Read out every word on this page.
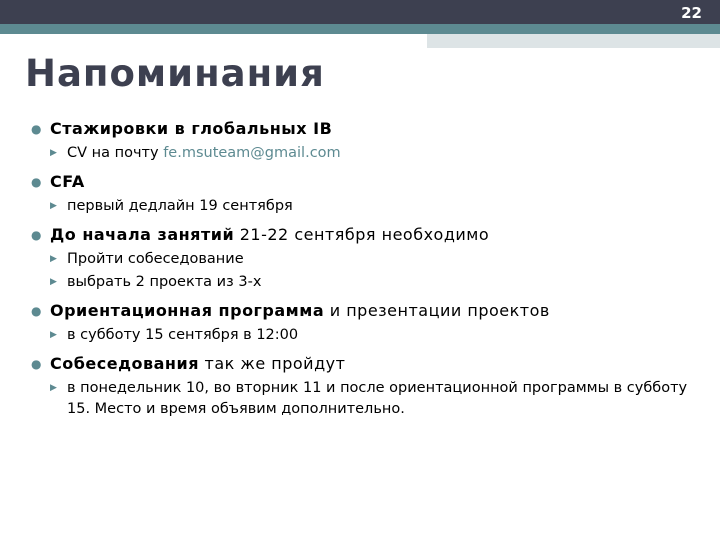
22
Напоминания
● Стажировки в глобальных IB
▶ CV на почту fe.msuteam@gmail.com
● CFA
▶ первый дедлайн 19 сентября
● До начала занятий 21-22 сентября необходимо
▶ Пройти собеседование
▶ выбрать 2 проекта из 3-х
● Ориентационная программа и презентации проектов
▶ в субботу 15 сентября в 12:00
● Собеседования так же пройдут
▶ в понедельник 10, во вторник 11 и после ориентационной программы в субботу 15. Место и время объявим дополнительно.
